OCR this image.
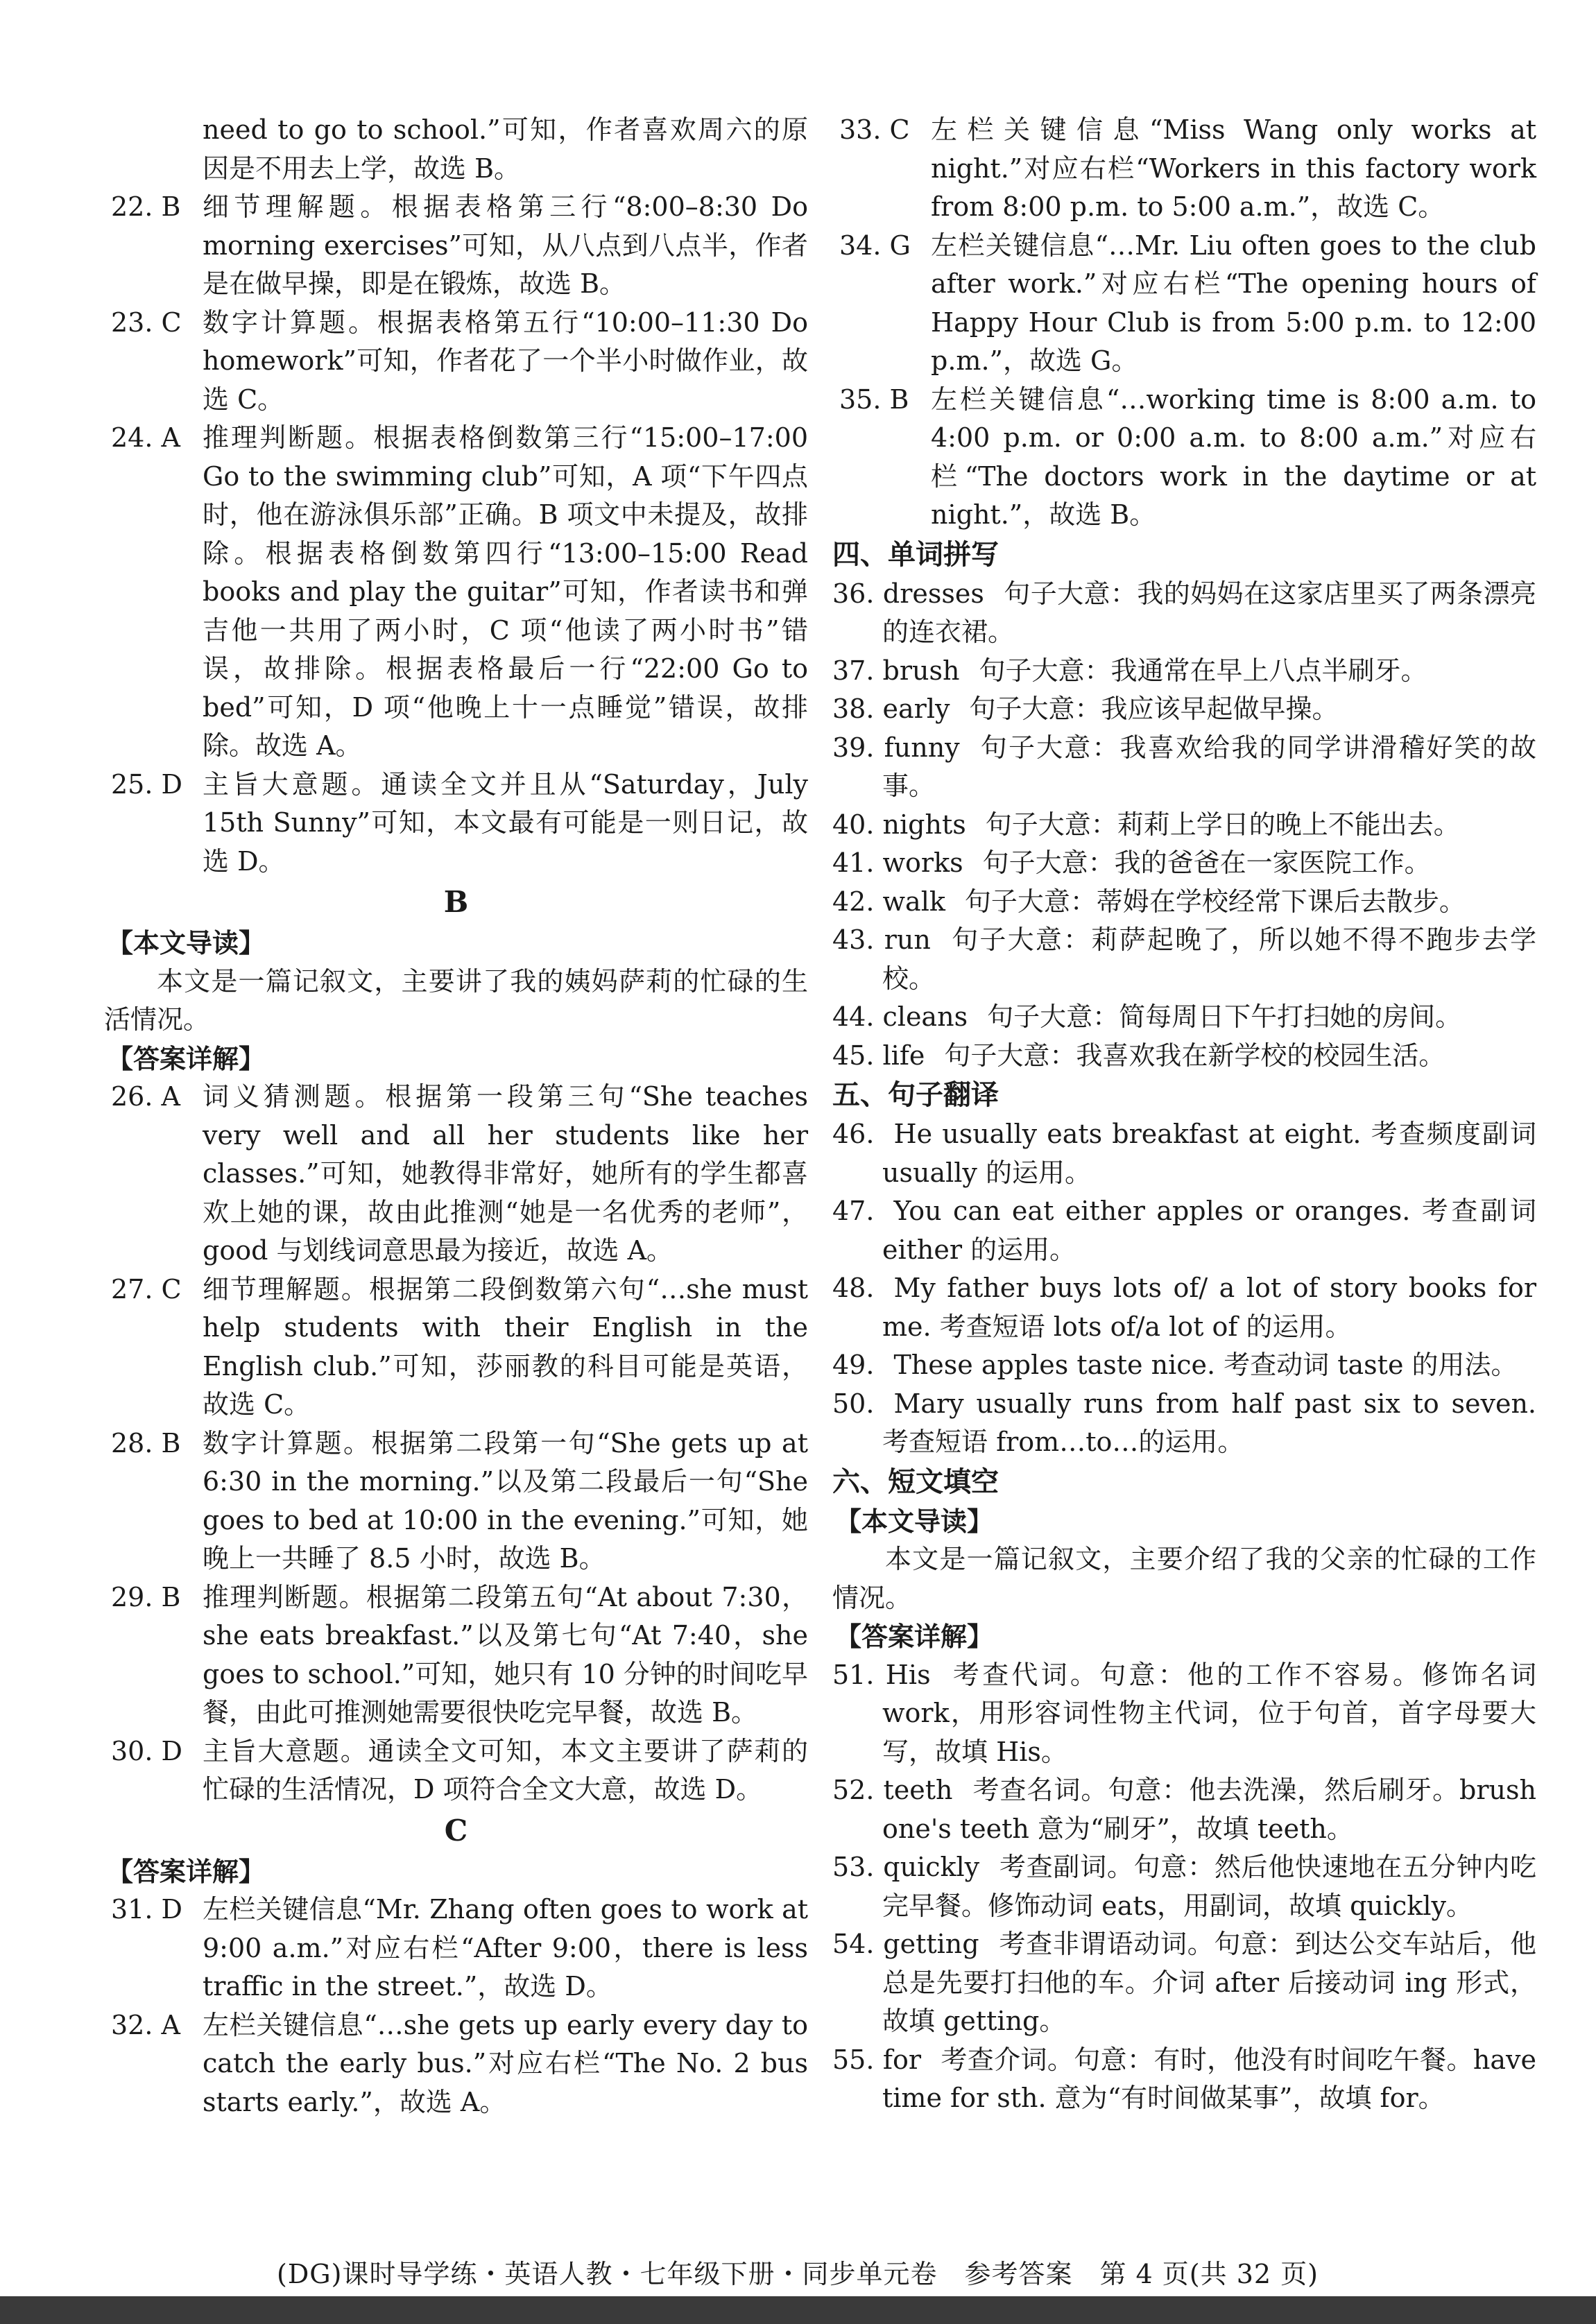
need to go to school.”可知，作者喜欢周六的原因是不用去上学，故选 B。
22. B 细节理解题。根据表格第三行“8:00–8:30 Do morning exercises”可知，从八点到八点半，作者是在做早操，即是在锻炼，故选 B。
23. C 数字计算题。根据表格第五行“10:00–11:30 Do homework”可知，作者花了一个半小时做作业，故选 C。
24. A 推理判断题。根据表格倒数第三行“15:00–17:00 Go to the swimming club”可知，A 项“下午四点时，他在游泳俱乐部”正确。B 项文中未提及，故排除。根据表格倒数第四行“13:00–15:00 Read books and play the guitar”可知，作者读书和弹吉他一共用了两小时，C 项“他读了两小时书”错误，故排除。根据表格最后一行“22:00 Go to bed”可知，D 项“他晚上十一点睡觉”错误，故排除。故选 A。
25. D 主旨大意题。通读全文并且从“Saturday，July 15th Sunny”可知，本文最有可能是一则日记，故选 D。
B
【本文导读】
本文是一篇记叙文，主要讲了我的姨妈萨莉的忙碌的生活情况。
【答案详解】
26. A 词义猜测题。根据第一段第三句“She teaches very well and all her students like her classes.”可知，她教得非常好，她所有的学生都喜欢上她的课，故由此推测“她是一名优秀的老师”，good 与划线词意思最为接近，故选 A。
27. C 细节理解题。根据第二段倒数第六句“…she must help students with their English in the English club.”可知，莎丽教的科目可能是英语，故选 C。
28. B 数字计算题。根据第二段第一句“She gets up at 6:30 in the morning.”以及第二段最后一句“She goes to bed at 10:00 in the evening.”可知，她晚上一共睡了 8.5 小时，故选 B。
29. B 推理判断题。根据第二段第五句“At about 7:30，she eats breakfast.”以及第七句“At 7:40，she goes to school.”可知，她只有 10 分钟的时间吃早餐，由此可推测她需要很快吃完早餐，故选 B。
30. D 主旨大意题。通读全文可知，本文主要讲了萨莉的忙碌的生活情况，D 项符合全文大意，故选 D。
C
【答案详解】
31. D 左栏关键信息“Mr. Zhang often goes to work at 9:00 a.m.”对应右栏“After 9:00，there is less traffic in the street.”，故选 D。
32. A 左栏关键信息“…she gets up early every day to catch the early bus.”对应右栏“The No. 2 bus starts early.”，故选 A。
33. C 左栏关键信息“Miss Wang only works at night.”对应右栏“Workers in this factory work from 8:00 p.m. to 5:00 a.m.”，故选 C。
34. G 左栏关键信息“…Mr. Liu often goes to the club after work.”对应右栏“The opening hours of Happy Hour Club is from 5:00 p.m. to 12:00 p.m.”，故选 G。
35. B 左栏关键信息“…working time is 8:00 a.m. to 4:00 p.m. or 0:00 a.m. to 8:00 a.m.”对应右栏“The doctors work in the daytime or at night.”，故选 B。
四、单词拼写
36. dresses 句子大意：我的妈妈在这家店里买了两条漂亮的连衣裙。
37. brush 句子大意：我通常在早上八点半刷牙。
38. early 句子大意：我应该早起做早操。
39. funny 句子大意：我喜欢给我的同学讲滑稽好笑的故事。
40. nights 句子大意：莉莉上学日的晚上不能出去。
41. works 句子大意：我的爸爸在一家医院工作。
42. walk 句子大意：蒂姆在学校经常下课后去散步。
43. run 句子大意：莉萨起晚了，所以她不得不跑步去学校。
44. cleans 句子大意：简每周日下午打扫她的房间。
45. life 句子大意：我喜欢我在新学校的校园生活。
五、句子翻译
46. He usually eats breakfast at eight. 考查频度副词 usually 的运用。
47. You can eat either apples or oranges. 考查副词 either 的运用。
48. My father buys lots of/ a lot of story books for me. 考查短语 lots of/a lot of 的运用。
49. These apples taste nice. 考查动词 taste 的用法。
50. Mary usually runs from half past six to seven. 考查短语 from…to…的运用。
六、短文填空
【本文导读】
本文是一篇记叙文，主要介绍了我的父亲的忙碌的工作情况。
【答案详解】
51. His 考查代词。句意：他的工作不容易。修饰名词 work，用形容词性物主代词，位于句首，首字母要大写，故填 His。
52. teeth 考查名词。句意：他去洗澡，然后刷牙。brush one's teeth 意为“刷牙”，故填 teeth。
53. quickly 考查副词。句意：然后他快速地在五分钟内吃完早餐。修饰动词 eats，用副词，故填 quickly。
54. getting 考查非谓语动词。句意：到达公交车站后，他总是先要打扫他的车。介词 after 后接动词 ing 形式，故填 getting。
55. for 考查介词。句意：有时，他没有时间吃午餐。have time for sth. 意为“有时间做某事”，故填 for。
(DG)课时导学练・英语人教・七年级下册・同步单元卷　参考答案　第 4 页(共 32 页)
